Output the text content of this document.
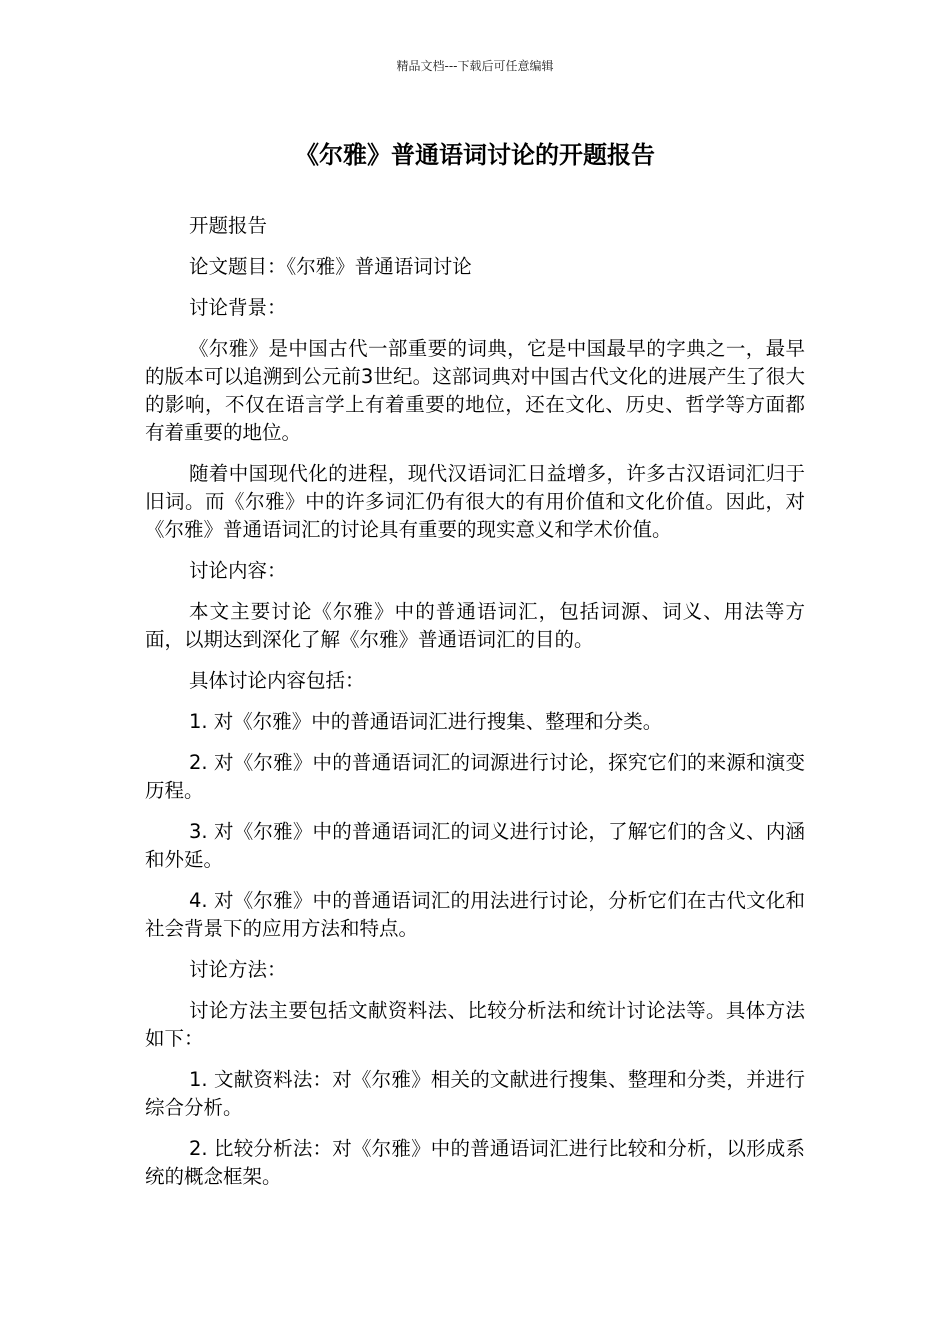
精品文档---下载后可任意编辑
《尔雅》普通语词讨论的开题报告

开题报告

论文题目：《尔雅》普通语词讨论

讨论背景：

《尔雅》是中国古代一部重要的词典，它是中国最早的字典之一，最早的版本可以追溯到公元前3世纪。这部词典对中国古代文化的进展产生了很大的影响，不仅在语言学上有着重要的地位，还在文化、历史、哲学等方面都有着重要的地位。

随着中国现代化的进程，现代汉语词汇日益增多，许多古汉语词汇归于旧词。而《尔雅》中的许多词汇仍有很大的有用价值和文化价值。因此，对《尔雅》普通语词汇的讨论具有重要的现实意义和学术价值。

讨论内容：

本文主要讨论《尔雅》中的普通语词汇，包括词源、词义、用法等方面，以期达到深化了解《尔雅》普通语词汇的目的。

具体讨论内容包括：

1. 对《尔雅》中的普通语词汇进行搜集、整理和分类。

2. 对《尔雅》中的普通语词汇的词源进行讨论，探究它们的来源和演变历程。

3. 对《尔雅》中的普通语词汇的词义进行讨论，了解它们的含义、内涵和外延。

4. 对《尔雅》中的普通语词汇的用法进行讨论，分析它们在古代文化和社会背景下的应用方法和特点。

讨论方法：

讨论方法主要包括文献资料法、比较分析法和统计讨论法等。具体方法如下：

1. 文献资料法：对《尔雅》相关的文献进行搜集、整理和分类，并进行综合分析。

2. 比较分析法：对《尔雅》中的普通语词汇进行比较和分析，以形成系统的概念框架。
